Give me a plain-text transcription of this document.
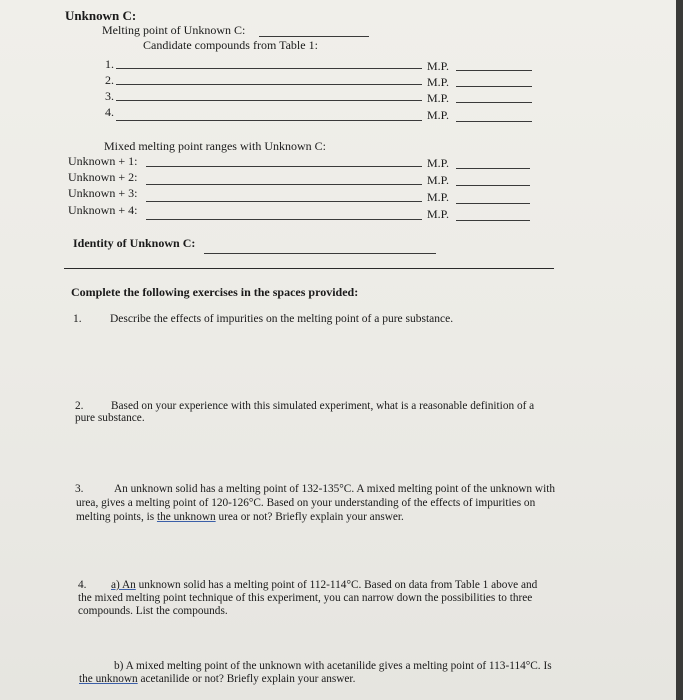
Unknown C:
Melting point of Unknown C:
Candidate compounds from Table 1:
1.	M.P.
2.	M.P.
3.	M.P.
4.	M.P.
Mixed melting point ranges with Unknown C:
Unknown + 1:	M.P.
Unknown + 2:	M.P.
Unknown + 3:	M.P.
Unknown + 4:	M.P.
Identity of Unknown C:
Complete the following exercises in the spaces provided:
1. Describe the effects of impurities on the melting point of a pure substance.
2. Based on your experience with this simulated experiment, what is a reasonable definition of a
pure substance.
3.	An unknown solid has a melting point of 132-135°C. A mixed melting point of the unknown with
urea, gives a melting point of 120-126°C. Based on your understanding of the effects of impurities on
melting points, is the unknown urea or not? Briefly explain your answer.
4. a) An unknown solid has a melting point of 112-114°C. Based on data from Table 1 above and
the mixed melting point technique of this experiment, you can narrow down the possibilities to three
compounds. List the compounds.
b) A mixed melting point of the unknown with acetanilide gives a melting point of 113-114°C. Is
the unknown acetanilide or not? Briefly explain your answer.
